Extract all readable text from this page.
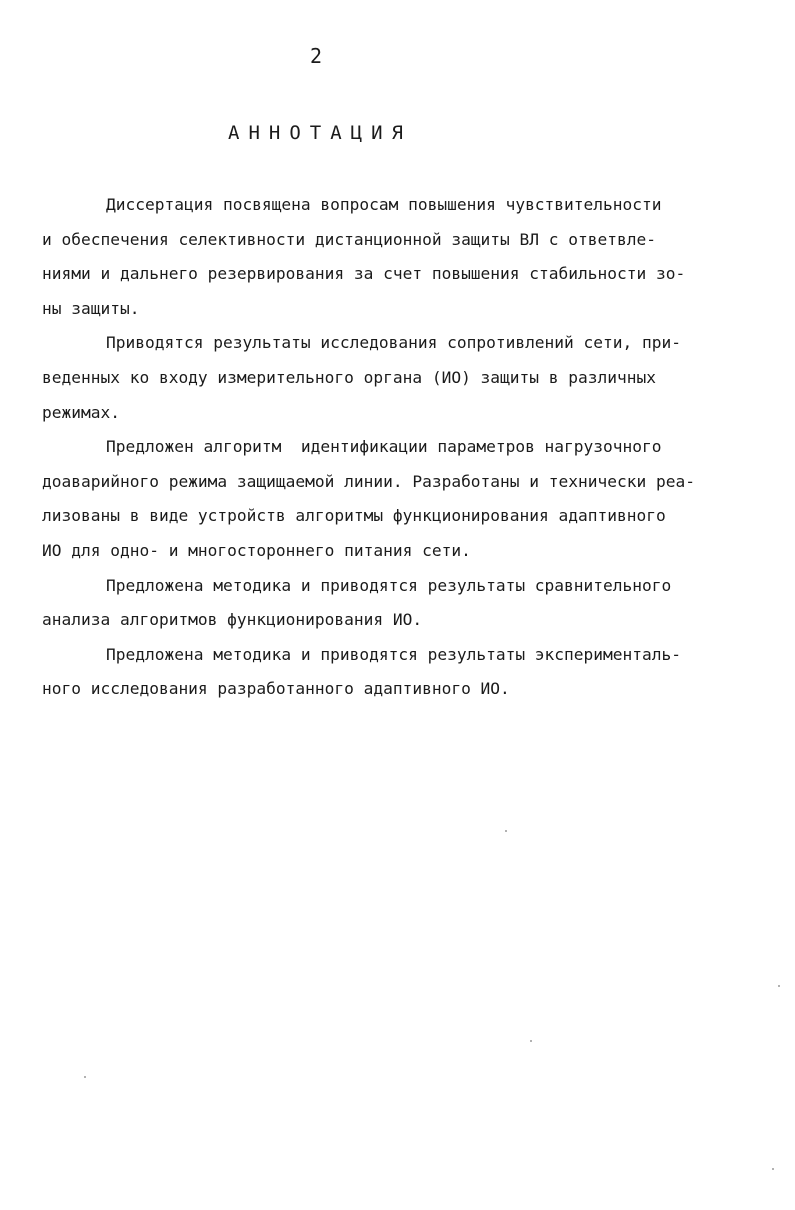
2
АННОТАЦИЯ
Диссертация посвящена вопросам повышения чувствительности
и обеспечения селективности дистанционной защиты ВЛ с ответвле-
ниями и дальнего резервирования за счет повышения стабильности зо-
ны защиты.
Приводятся результаты исследования сопротивлений сети, при-
веденных ко входу измерительного органа (ИО) защиты в различных
режимах.
Предложен алгоритм  идентификации параметров нагрузочного
доаварийного режима защищаемой линии. Разработаны и технически реа-
лизованы в виде устройств алгоритмы функционирования адаптивного
ИО для одно- и многостороннего питания сети.
Предложена методика и приводятся результаты сравнительного
анализа алгоритмов функционирования ИО.
Предложена методика и приводятся результаты эксперименталь-
ного исследования разработанного адаптивного ИО.
